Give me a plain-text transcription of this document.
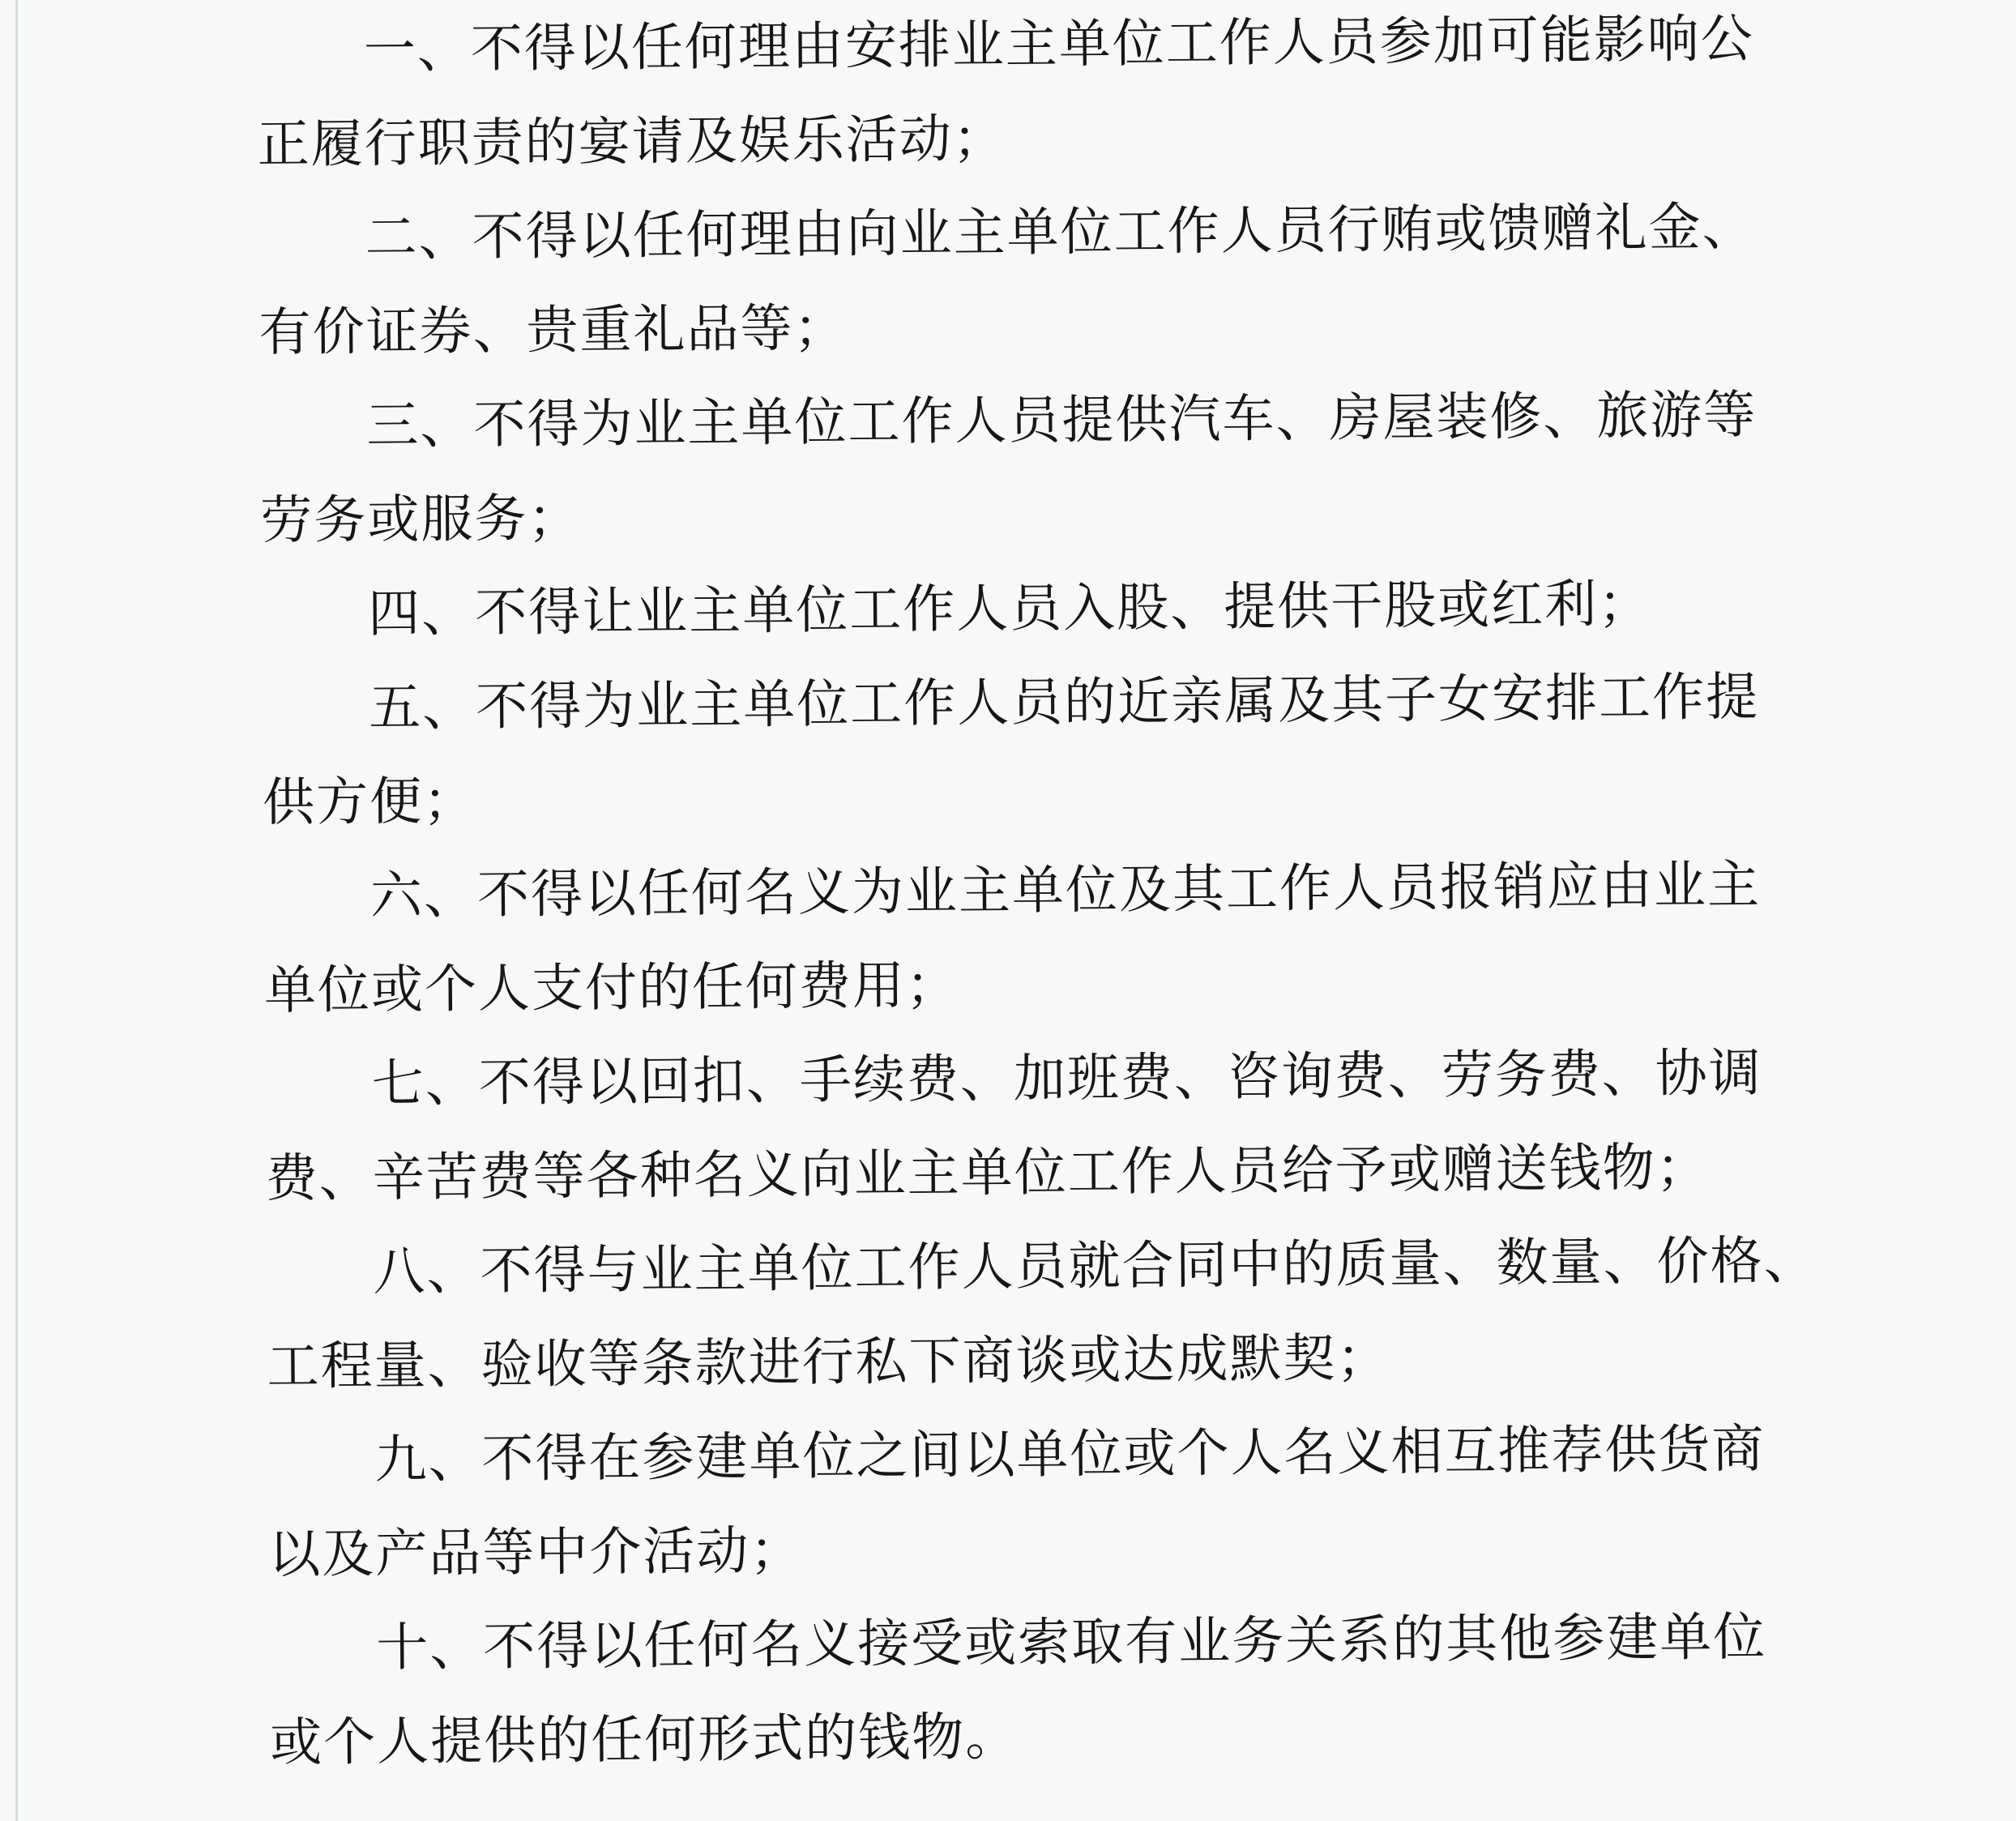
一、不得以任何理由安排业主单位工作人员参加可能影响公
正履行职责的宴请及娱乐活动；
二、不得以任何理由向业主单位工作人员行贿或馈赠礼金、
有价证券、贵重礼品等；
三、不得为业主单位工作人员提供汽车、房屋装修、旅游等
劳务或服务；
四、不得让业主单位工作人员入股、提供干股或红利；
五、不得为业主单位工作人员的近亲属及其子女安排工作提
供方便；
六、不得以任何名义为业主单位及其工作人员报销应由业主
单位或个人支付的任何费用；
七、不得以回扣、手续费、加班费、咨询费、劳务费、协调
费、辛苦费等各种名义向业主单位工作人员给予或赠送钱物；
八、不得与业主单位工作人员就合同中的质量、数量、价格、
工程量、验收等条款进行私下商谈或达成默契；
九、不得在参建单位之间以单位或个人名义相互推荐供货商
以及产品等中介活动；
十、不得以任何名义接受或索取有业务关系的其他参建单位
或个人提供的任何形式的钱物。
